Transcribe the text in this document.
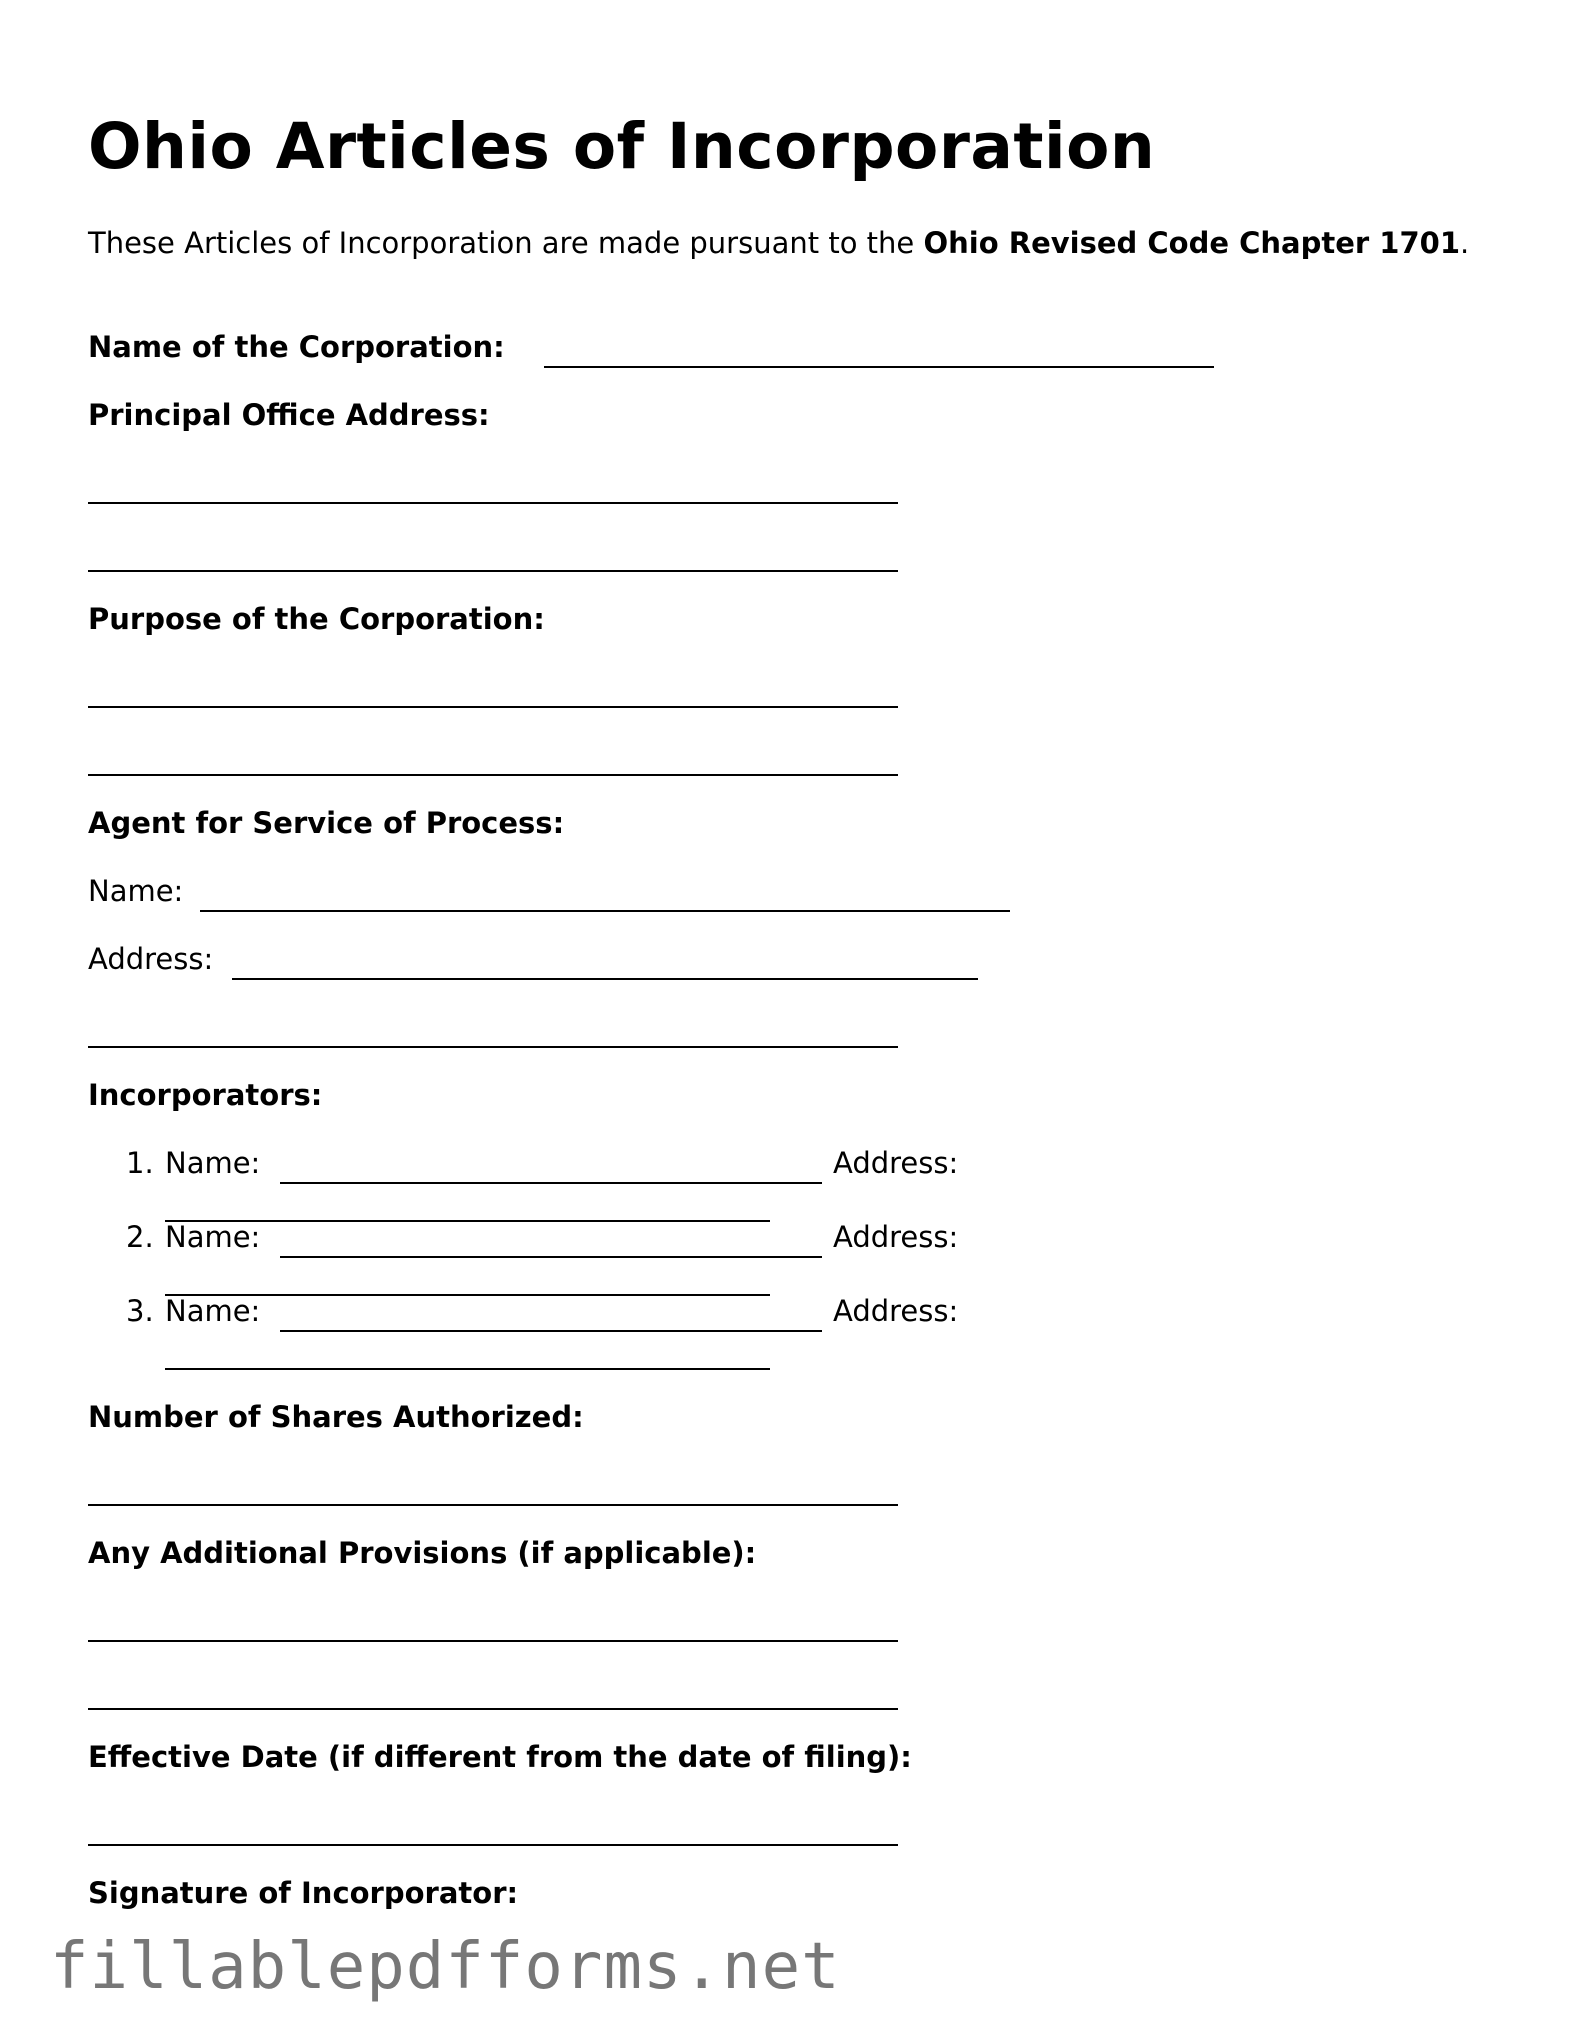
Ohio Articles of Incorporation
These Articles of Incorporation are made pursuant to the Ohio Revised Code Chapter 1701.
Name of the Corporation:
Principal Office Address:
Purpose of the Corporation:
Agent for Service of Process:
Name:
Address:
Incorporators:
1. Name:	Address:
2. Name:	Address:
3. Name:	Address:
Number of Shares Authorized:
Any Additional Provisions (if applicable):
Effective Date (if different from the date of filing):
Signature of Incorporator:
fillablepdfforms.net
